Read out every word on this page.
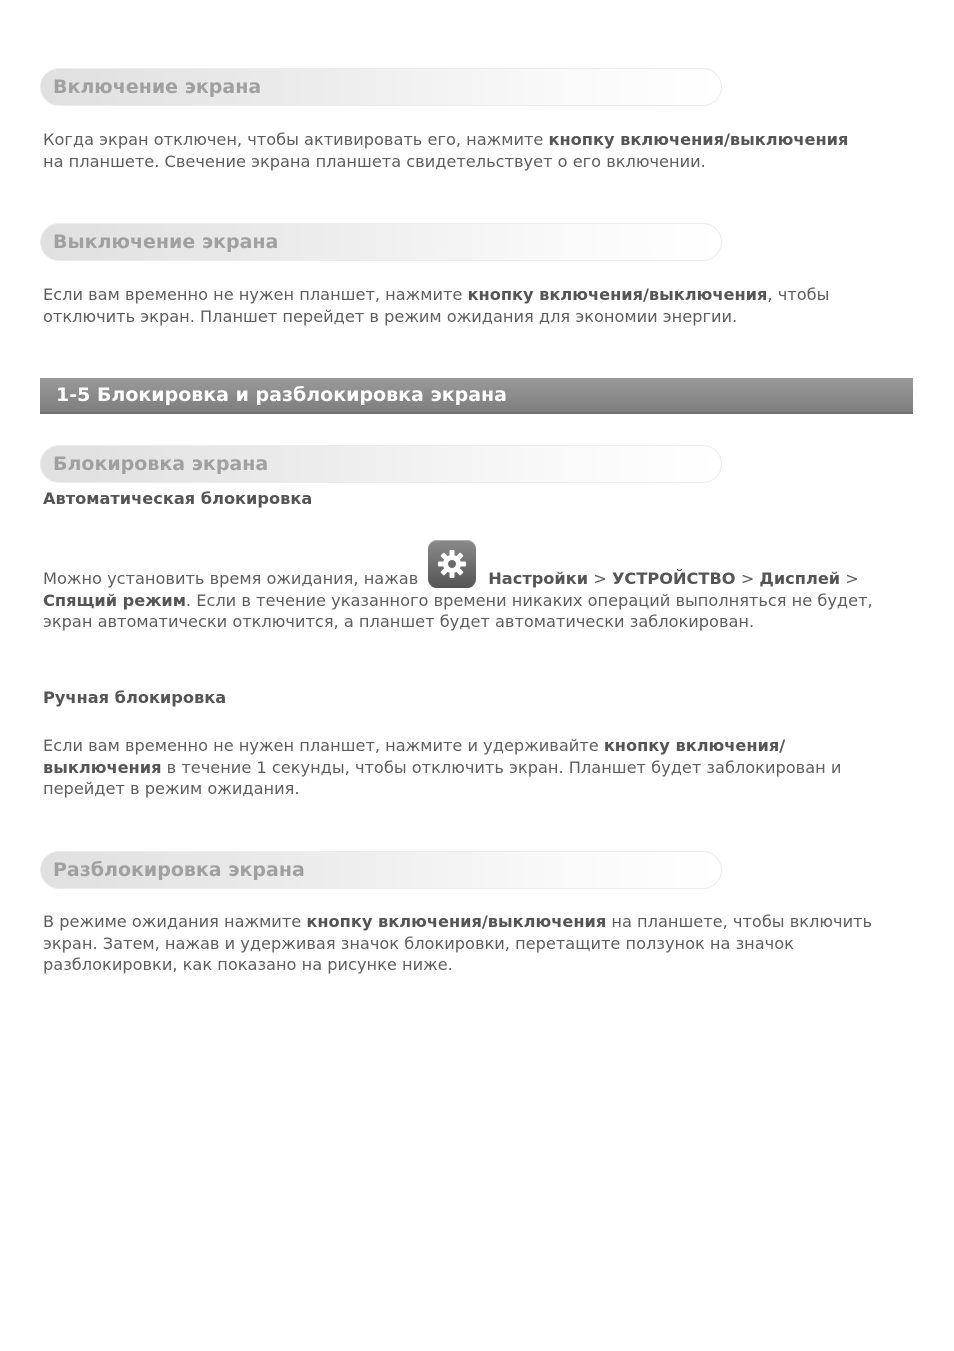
Включение экрана

Когда экран отключен, чтобы активировать его, нажмите кнопку включения/выключения
на планшете. Свечение экрана планшета свидетельствует о его включении.

Выключение экрана

Если вам временно не нужен планшет, нажмите кнопку включения/выключения, чтобы отключить экран. Планшет перейдет в режим ожидания для экономии энергии.

1-5 Блокировка и разблокировка экрана
Блокировка экрана
Автоматическая блокировка

Можно установить время ожидания, нажав	Настройки > УСТРОЙСТВО > Дисплей >
Спящий режим. Если в течение указанного времени никаких операций выполняться не будет, экран автоматически отключится, а планшет будет автоматически заблокирован.

Ручная блокировка

Если вам временно не нужен планшет, нажмите и удерживайте кнопку включения/
выключения в течение 1 секунды, чтобы отключить экран. Планшет будет заблокирован и перейдет в режим ожидания.

Разблокировка экрана

В режиме ожидания нажмите кнопку включения/выключения на планшете, чтобы включить экран. Затем, нажав и удерживая значок блокировки, перетащите ползунок на значок разблокировки, как показано на рисунке ниже.
